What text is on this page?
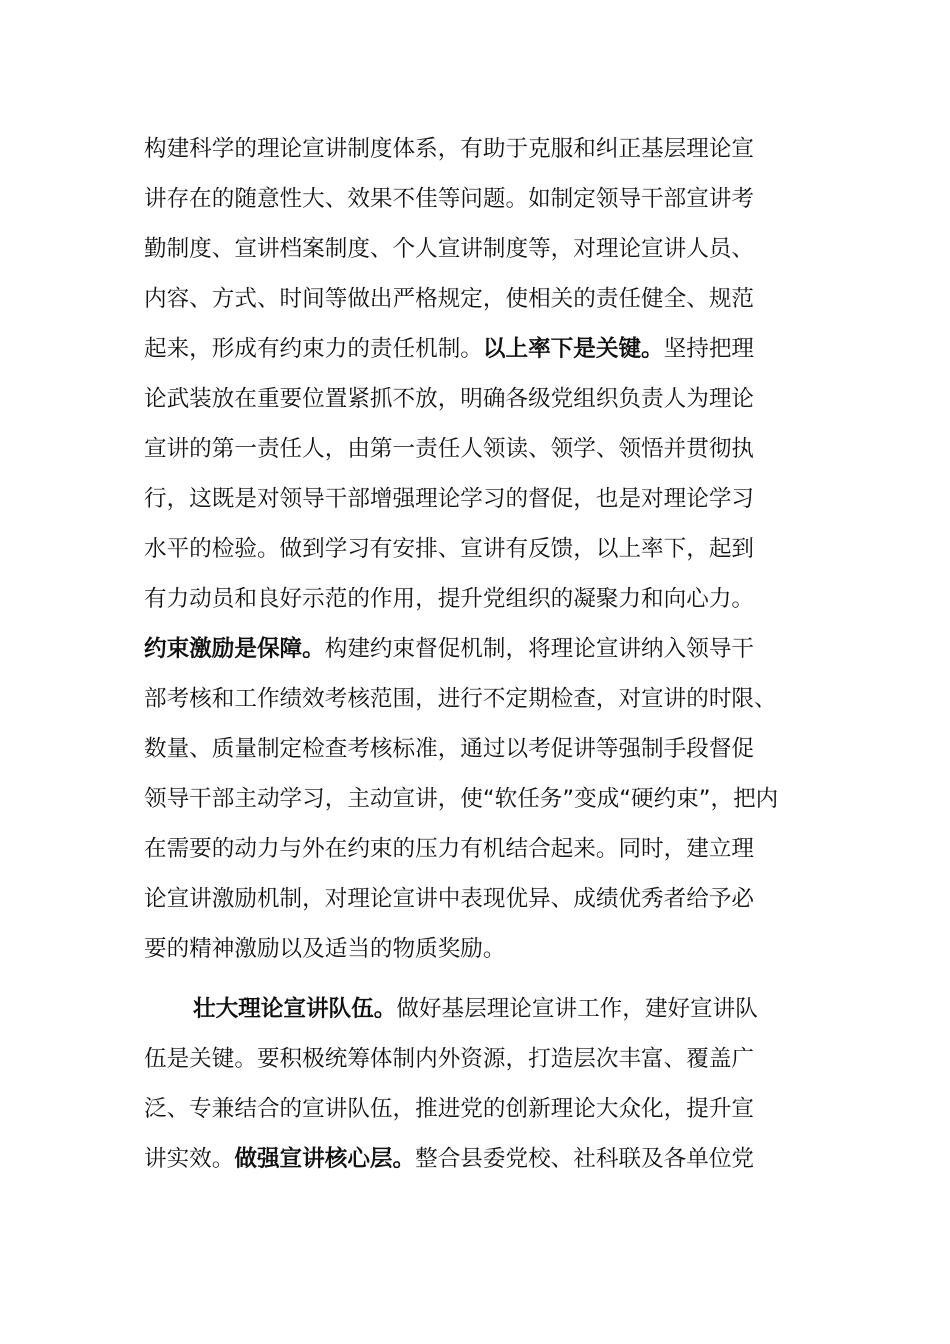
构建科学的理论宣讲制度体系，有助于克服和纠正基层理论宣
讲存在的随意性大、效果不佳等问题。如制定领导干部宣讲考
勤制度、宣讲档案制度、个人宣讲制度等，对理论宣讲人员、
内容、方式、时间等做出严格规定，使相关的责任健全、规范
起来，形成有约束力的责任机制。以上率下是关键。坚持把理
论武装放在重要位置紧抓不放，明确各级党组织负责人为理论
宣讲的第一责任人，由第一责任人领读、领学、领悟并贯彻执
行，这既是对领导干部增强理论学习的督促，也是对理论学习
水平的检验。做到学习有安排、宣讲有反馈，以上率下，起到
有力动员和良好示范的作用，提升党组织的凝聚力和向心力。
约束激励是保障。构建约束督促机制，将理论宣讲纳入领导干
部考核和工作绩效考核范围，进行不定期检查，对宣讲的时限、
数量、质量制定检查考核标准，通过以考促讲等强制手段督促
领导干部主动学习，主动宣讲，使“软任务”变成“硬约束”，把内
在需要的动力与外在约束的压力有机结合起来。同时，建立理
论宣讲激励机制，对理论宣讲中表现优异、成绩优秀者给予必
要的精神激励以及适当的物质奖励。
壮大理论宣讲队伍。做好基层理论宣讲工作，建好宣讲队
伍是关键。要积极统筹体制内外资源，打造层次丰富、覆盖广
泛、专兼结合的宣讲队伍，推进党的创新理论大众化，提升宣
讲实效。做强宣讲核心层。整合县委党校、社科联及各单位党
